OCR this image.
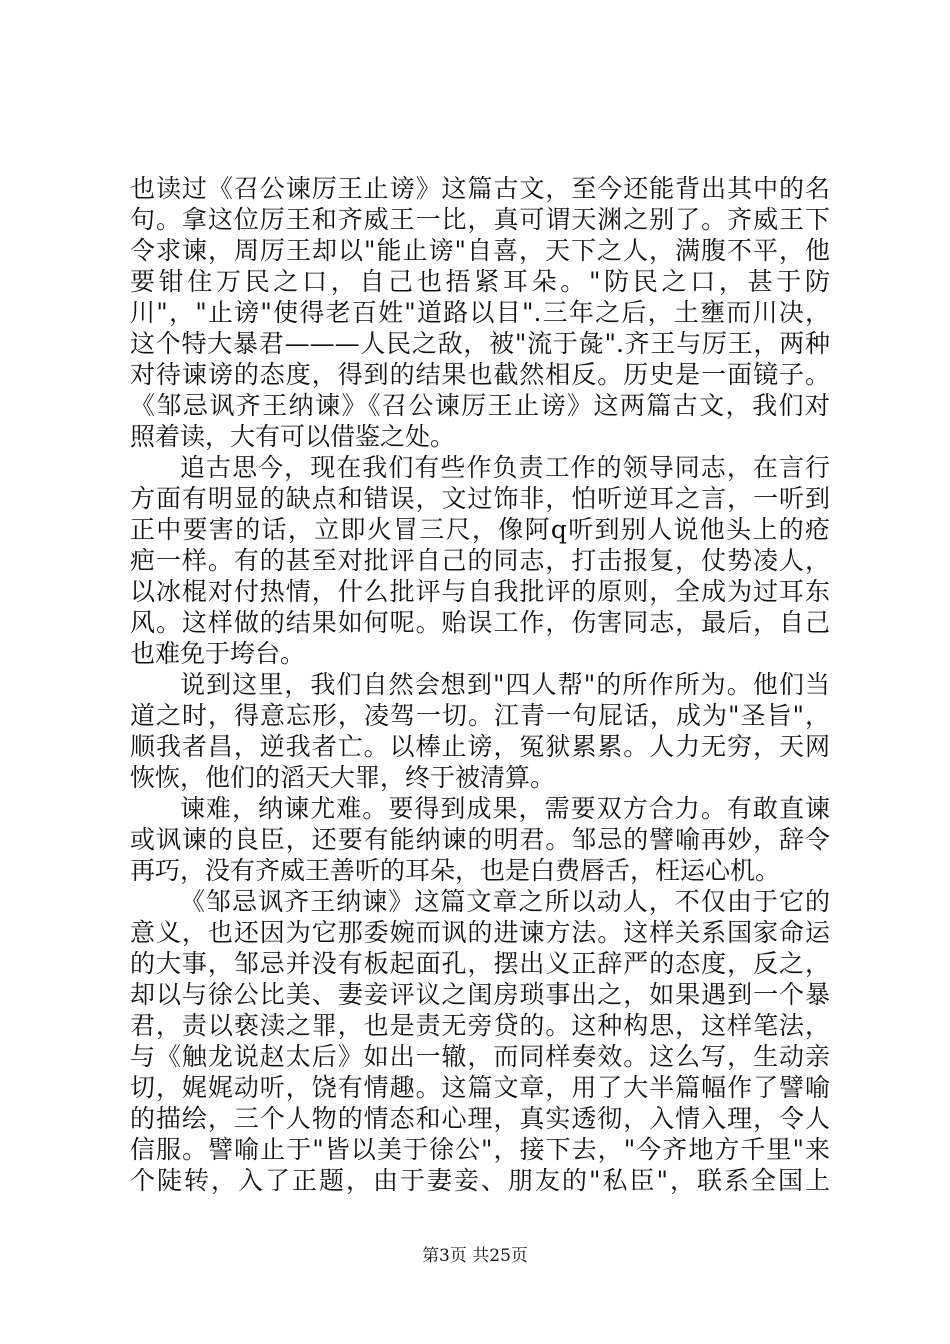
也读过《召公谏厉王止谤》这篇古文，至今还能背出其中的名
句。拿这位厉王和齐威王一比，真可谓天渊之别了。齐威王下
令求谏，周厉王却以"能止谤"自喜，天下之人，满腹不平，他
要钳住万民之口，自己也捂紧耳朵。"防民之口，甚于防
川"，"止谤"使得老百姓"道路以目".三年之后，土壅而川决，
这个特大暴君———人民之敌，被"流于彘".齐王与厉王，两种
对待谏谤的态度，得到的结果也截然相反。历史是一面镜子。
《邹忌讽齐王纳谏》《召公谏厉王止谤》这两篇古文，我们对
照着读，大有可以借鉴之处。
追古思今，现在我们有些作负责工作的领导同志，在言行
方面有明显的缺点和错误，文过饰非，怕听逆耳之言，一听到
正中要害的话，立即火冒三尺，像阿q听到别人说他头上的疮
疤一样。有的甚至对批评自己的同志，打击报复，仗势凌人，
以冰棍对付热情，什么批评与自我批评的原则，全成为过耳东
风。这样做的结果如何呢。贻误工作，伤害同志，最后，自己
也难免于垮台。
说到这里，我们自然会想到"四人帮"的所作所为。他们当
道之时，得意忘形，凌驾一切。江青一句屁话，成为"圣旨"，
顺我者昌，逆我者亡。以棒止谤，冤狱累累。人力无穷，天网
恢恢，他们的滔天大罪，终于被清算。
谏难，纳谏尤难。要得到成果，需要双方合力。有敢直谏
或讽谏的良臣，还要有能纳谏的明君。邹忌的譬喻再妙，辞令
再巧，没有齐威王善听的耳朵，也是白费唇舌，枉运心机。
《邹忌讽齐王纳谏》这篇文章之所以动人，不仅由于它的
意义，也还因为它那委婉而讽的进谏方法。这样关系国家命运
的大事，邹忌并没有板起面孔，摆出义正辞严的态度，反之，
却以与徐公比美、妻妾评议之闺房琐事出之，如果遇到一个暴
君，责以亵渎之罪，也是责无旁贷的。这种构思，这样笔法，
与《触龙说赵太后》如出一辙，而同样奏效。这么写，生动亲
切，娓娓动听，饶有情趣。这篇文章，用了大半篇幅作了譬喻
的描绘，三个人物的情态和心理，真实透彻，入情入理，令人
信服。譬喻止于"皆以美于徐公"，接下去，"今齐地方千里"来
个陡转，入了正题，由于妻妾、朋友的"私臣"，联系全国上
第3页 共25页
